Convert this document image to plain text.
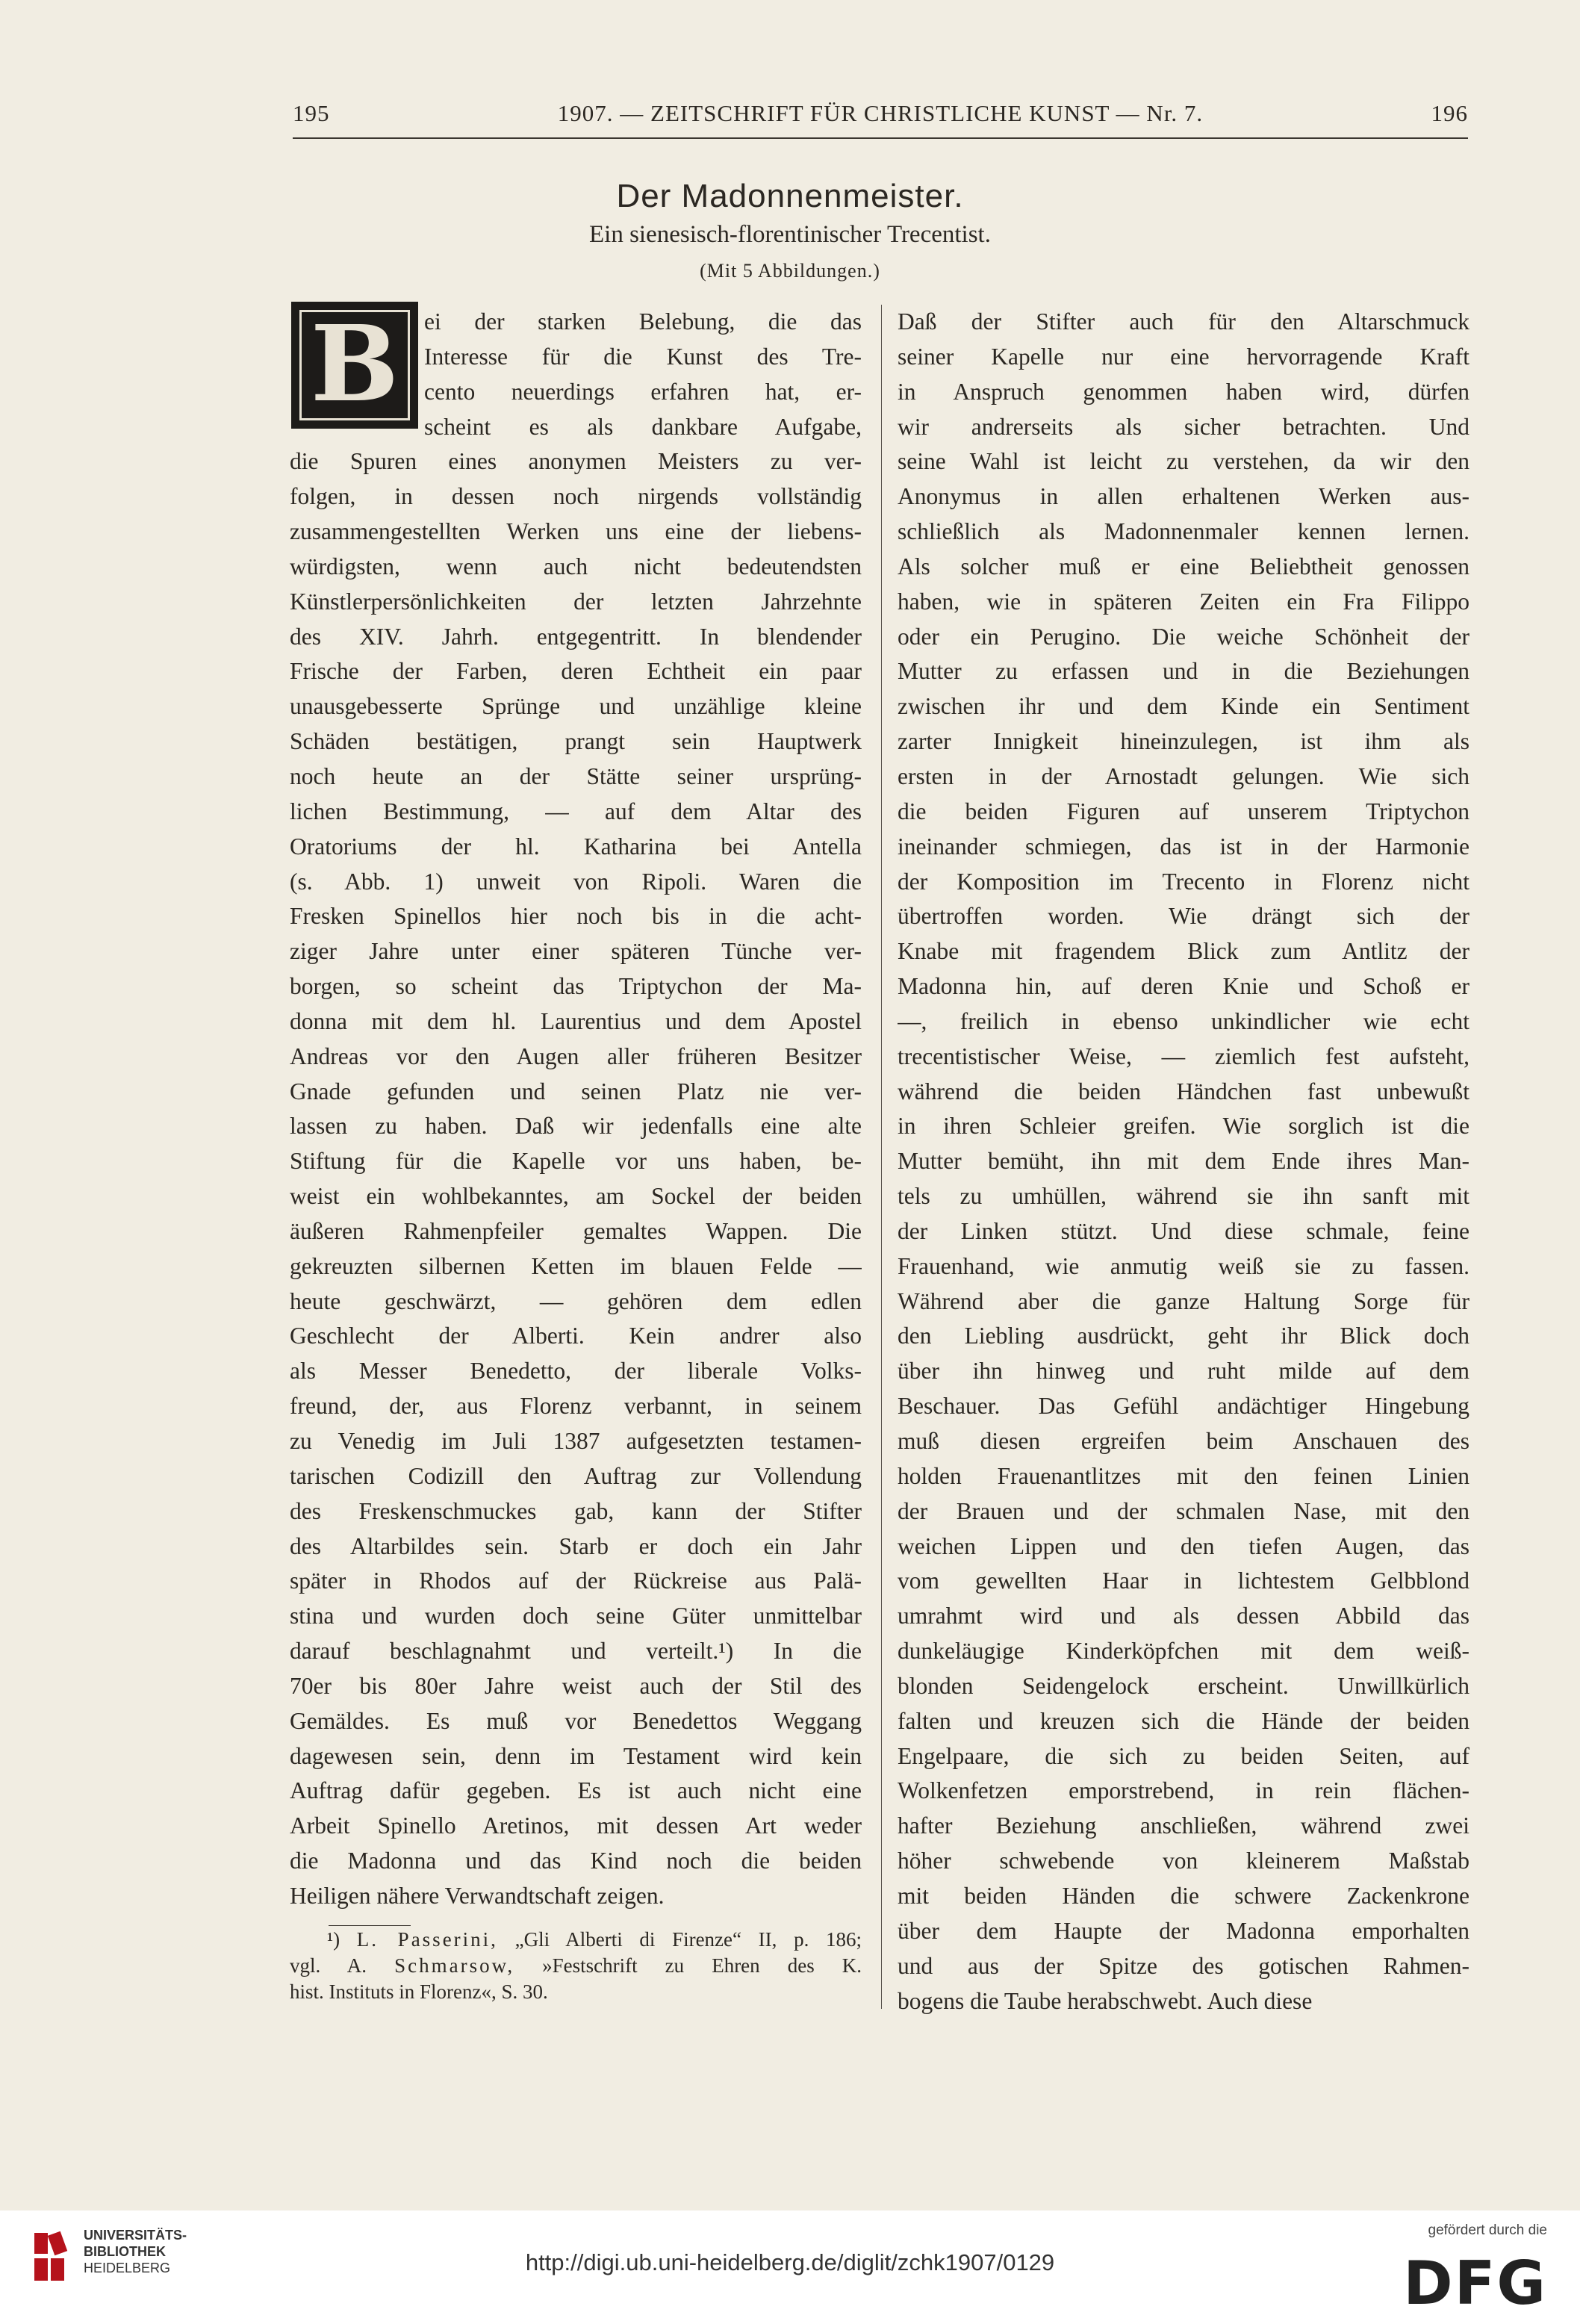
195	1907. — ZEITSCHRIFT FÜR CHRISTLICHE KUNST — Nr. 7.	196
Der Madonnenmeister.
Ein sienesisch-florentinischer Trecentist.
(Mit 5 Abbildungen.)
B	ei der starken Belebung, die das
Interesse für die Kunst des Tre-
cento neuerdings erfahren hat, er-
scheint es als dankbare Aufgabe,
die Spuren eines anonymen Meisters zu ver-
folgen, in dessen noch nirgends vollständig
zusammengestellten Werken uns eine der liebens-
würdigsten, wenn auch nicht bedeutendsten
Künstlerpersönlichkeiten der letzten Jahrzehnte
des XIV. Jahrh. entgegentritt. In blendender
Frische der Farben, deren Echtheit ein paar
unausgebesserte Sprünge und unzählige kleine
Schäden bestätigen, prangt sein Hauptwerk
noch heute an der Stätte seiner ursprüng-
lichen Bestimmung, — auf dem Altar des
Oratoriums der hl. Katharina bei Antella
(s. Abb. 1) unweit von Ripoli. Waren die
Fresken Spinellos hier noch bis in die acht-
ziger Jahre unter einer späteren Tünche ver-
borgen, so scheint das Triptychon der Ma-
donna mit dem hl. Laurentius und dem Apostel
Andreas vor den Augen aller früheren Besitzer
Gnade gefunden und seinen Platz nie ver-
lassen zu haben. Daß wir jedenfalls eine alte
Stiftung für die Kapelle vor uns haben, be-
weist ein wohlbekanntes, am Sockel der beiden
äußeren Rahmenpfeiler gemaltes Wappen. Die
gekreuzten silbernen Ketten im blauen Felde —
heute geschwärzt, — gehören dem edlen
Geschlecht der Alberti. Kein andrer also
als Messer Benedetto, der liberale Volks-
freund, der, aus Florenz verbannt, in seinem
zu Venedig im Juli 1387 aufgesetzten testamen-
tarischen Codizill den Auftrag zur Vollendung
des Freskenschmuckes gab, kann der Stifter
des Altarbildes sein. Starb er doch ein Jahr
später in Rhodos auf der Rückreise aus Palä-
stina und wurden doch seine Güter unmittelbar
darauf beschlagnahmt und verteilt.¹) In die
70er bis 80er Jahre weist auch der Stil des
Gemäldes. Es muß vor Benedettos Weggang
dagewesen sein, denn im Testament wird kein
Auftrag dafür gegeben. Es ist auch nicht eine
Arbeit Spinello Aretinos, mit dessen Art weder
die Madonna und das Kind noch die beiden
Heiligen nähere Verwandtschaft zeigen.
Daß der Stifter auch für den Altarschmuck
seiner Kapelle nur eine hervorragende Kraft
in Anspruch genommen haben wird, dürfen
wir andrerseits als sicher betrachten. Und
seine Wahl ist leicht zu verstehen, da wir den
Anonymus in allen erhaltenen Werken aus-
schließlich als Madonnenmaler kennen lernen.
Als solcher muß er eine Beliebtheit genossen
haben, wie in späteren Zeiten ein Fra Filippo
oder ein Perugino. Die weiche Schönheit der
Mutter zu erfassen und in die Beziehungen
zwischen ihr und dem Kinde ein Sentiment
zarter Innigkeit hineinzulegen, ist ihm als
ersten in der Arnostadt gelungen. Wie sich
die beiden Figuren auf unserem Triptychon
ineinander schmiegen, das ist in der Harmonie
der Komposition im Trecento in Florenz nicht
übertroffen worden. Wie drängt sich der
Knabe mit fragendem Blick zum Antlitz der
Madonna hin, auf deren Knie und Schoß er
—, freilich in ebenso unkindlicher wie echt
trecentistischer Weise, — ziemlich fest aufsteht,
während die beiden Händchen fast unbewußt
in ihren Schleier greifen. Wie sorglich ist die
Mutter bemüht, ihn mit dem Ende ihres Man-
tels zu umhüllen, während sie ihn sanft mit
der Linken stützt. Und diese schmale, feine
Frauenhand, wie anmutig weiß sie zu fassen.
Während aber die ganze Haltung Sorge für
den Liebling ausdrückt, geht ihr Blick doch
über ihn hinweg und ruht milde auf dem
Beschauer. Das Gefühl andächtiger Hingebung
muß diesen ergreifen beim Anschauen des
holden Frauenantlitzes mit den feinen Linien
der Brauen und der schmalen Nase, mit den
weichen Lippen und den tiefen Augen, das
vom gewellten Haar in lichtestem Gelbblond
umrahmt wird und als dessen Abbild das
dunkeläugige Kinderköpfchen mit dem weiß-
blonden Seidengelock erscheint. Unwillkürlich
falten und kreuzen sich die Hände der beiden
Engelpaare, die sich zu beiden Seiten, auf
Wolkenfetzen emporstrebend, in rein flächen-
hafter Beziehung anschließen, während zwei
höher schwebende von kleinerem Maßstab
mit beiden Händen die schwere Zackenkrone
über dem Haupte der Madonna emporhalten
und aus der Spitze des gotischen Rahmen-
bogens die Taube herabschwebt. Auch diese
¹) L. Passerini, „Gli Alberti di Firenze“ II, p. 186;
vgl. A. Schmarsow, »Festschrift zu Ehren des K.
hist. Instituts in Florenz«, S. 30.
UNIVERSITÄTS-
BIBLIOTHEK
HEIDELBERG	http://digi.ub.uni-heidelberg.de/diglit/zchk1907/0129
gefördert durch die
DFG
